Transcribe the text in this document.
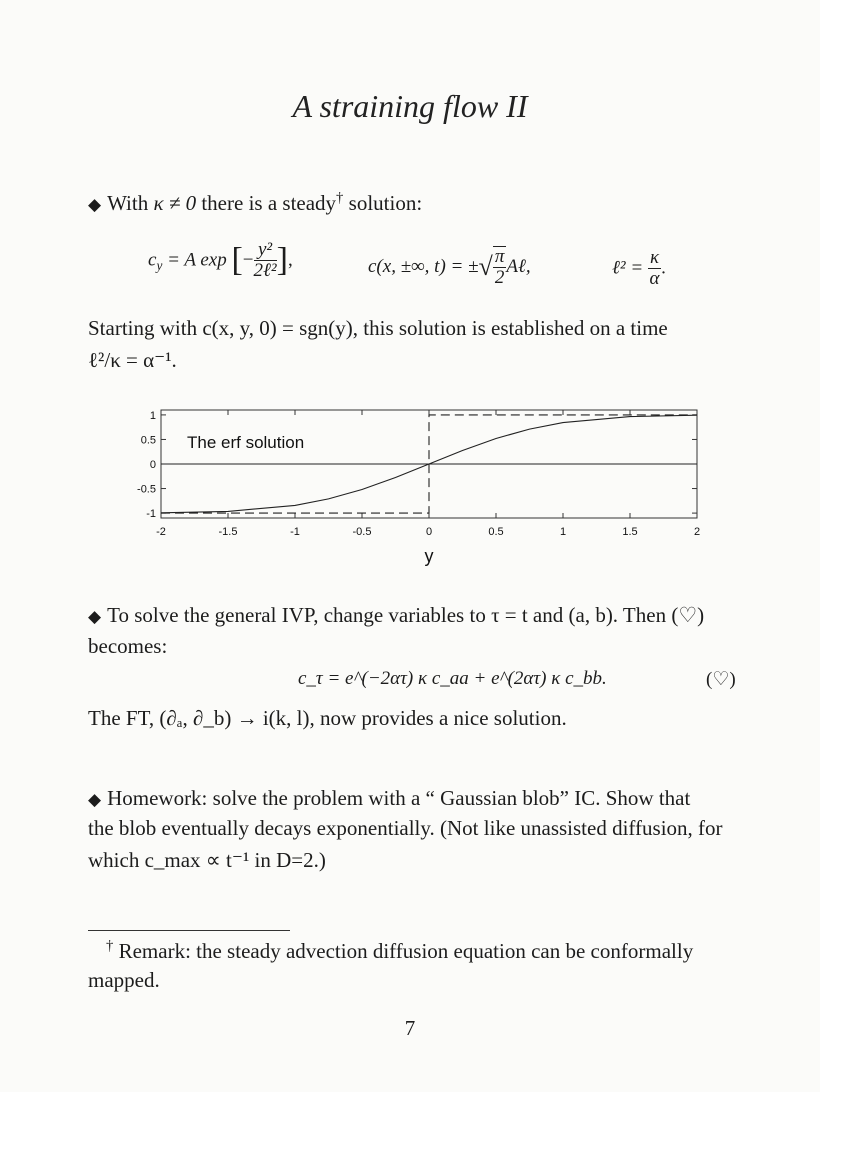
A straining flow II
◆ With κ ≠ 0 there is a steady† solution:
$c_y = A$ exp [− $\frac{\text{y²}}{\text{2ℓ²}}$ ],	c(x, ±∞, t) = ±√ $\frac{\pi}{2}$ Aℓ,	ℓ² = $\frac{\kappa}{\alpha}$ .
Starting with c(x, y, 0) = sgn(y), this solution is established on a time
ℓ²/κ = α⁻¹.
-2	-1.5	-1	-0.5	0	0.5	1	1.5	2
1
0.5
0
-0.5
-1
The erf solution
y
◆ To solve the general IVP, change variables to τ = t and (a, b). Then (♡)
becomes:
c_τ = e^(−2ατ) κ c_aa + e^(2ατ) κ c_bb.	(♡)
The FT, (∂ₐ, ∂_b) → i(k, l), now provides a nice solution.
◆ Homework: solve the problem with a “ Gaussian blob” IC. Show that
the blob eventually decays exponentially. (Not like unassisted diffusion, for
which c_max ∝ t⁻¹ in D=2.)
† Remark: the steady advection diffusion equation can be conformally
mapped.
7
